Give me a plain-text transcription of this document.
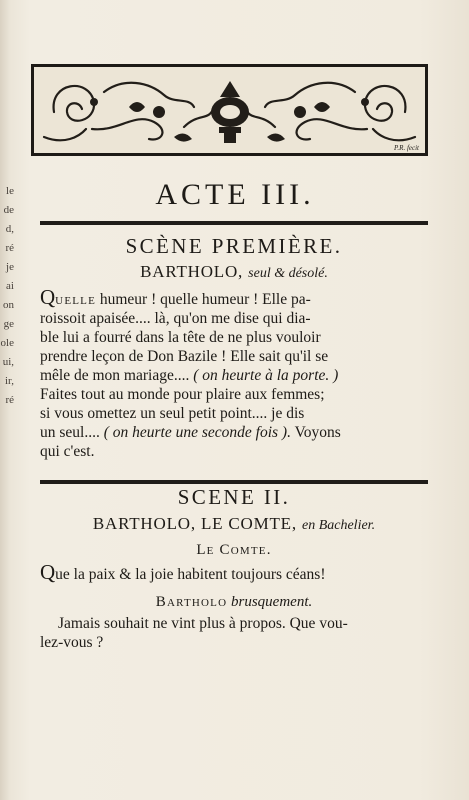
le
de
d,
ré
je
ai
on
ge
ole
ui,
ir,
ré
P.R. fecit
ACTE III.
SCÈNE PREMIÈRE.
BARTHOLO, seul & désolé.
Quelle humeur ! quelle humeur ! Elle pa-
roissoit apaisée.... là, qu'on me dise qui dia-
ble lui a fourré dans la tête de ne plus vouloir
prendre leçon de Don Bazile ! Elle sait qu'il se
mêle de mon mariage.... ( on heurte à la porte. )
Faites tout au monde pour plaire aux femmes;
si vous omettez un seul petit point.... je dis
un seul.... ( on heurte une seconde fois ). Voyons
qui c'est.
SCENE II.
BARTHOLO, LE COMTE, en Bachelier.
Le Comte.
Que la paix & la joie habitent toujours céans!
Bartholo brusquement.
Jamais souhait ne vint plus à propos. Que vou-
lez-vous ?
